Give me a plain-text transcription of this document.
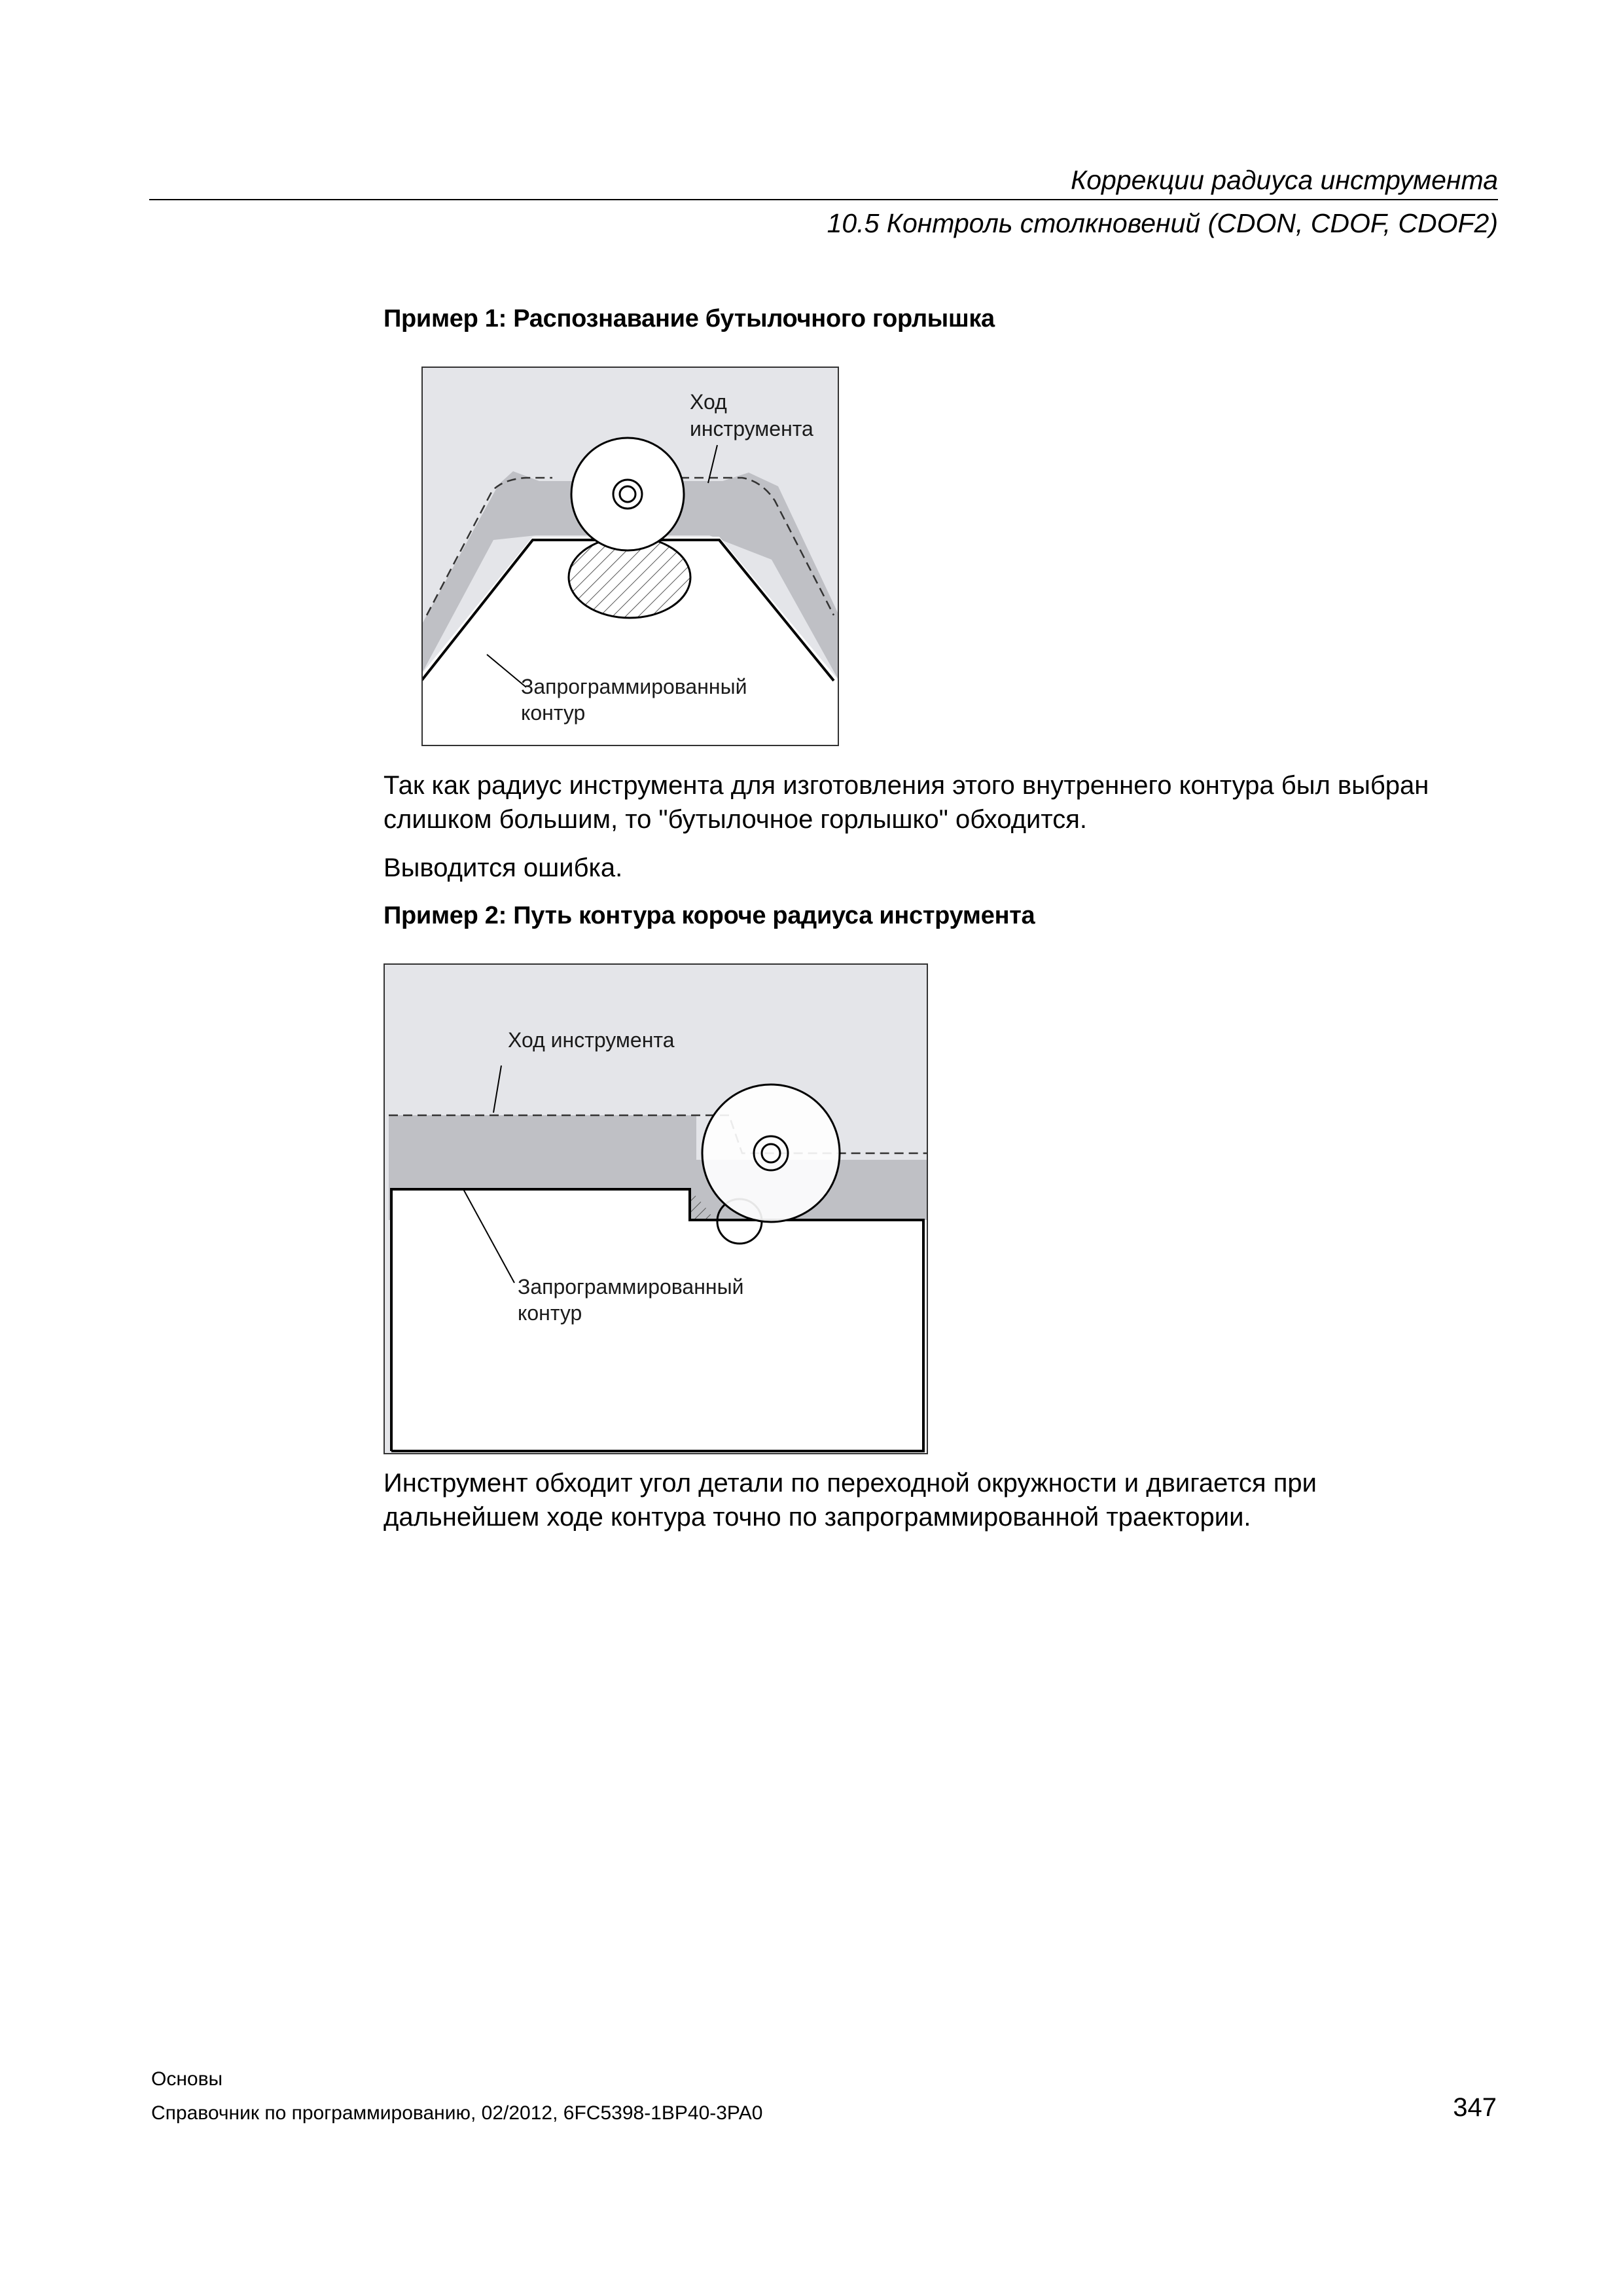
Коррекции радиуса инструмента
10.5 Контроль столкновений (CDON, CDOF, CDOF2)
Пример 1: Распознавание бутылочного горлышка
Ход
инструмента
Запрограммированный
контур
Так как радиус инструмента для изготовления этого внутреннего контура был выбран
слишком большим, то "бутылочное горлышко" обходится.
Выводится ошибка.
Пример 2: Путь контура короче радиуса инструмента
Ход инструмента
Запрограммированный
контур
Инструмент обходит угол детали по переходной окружности и двигается при
дальнейшем ходе контура точно по запрограммированной траектории.
Основы
Справочник по программированию, 02/2012, 6FC5398-1BP40-3PA0	347
